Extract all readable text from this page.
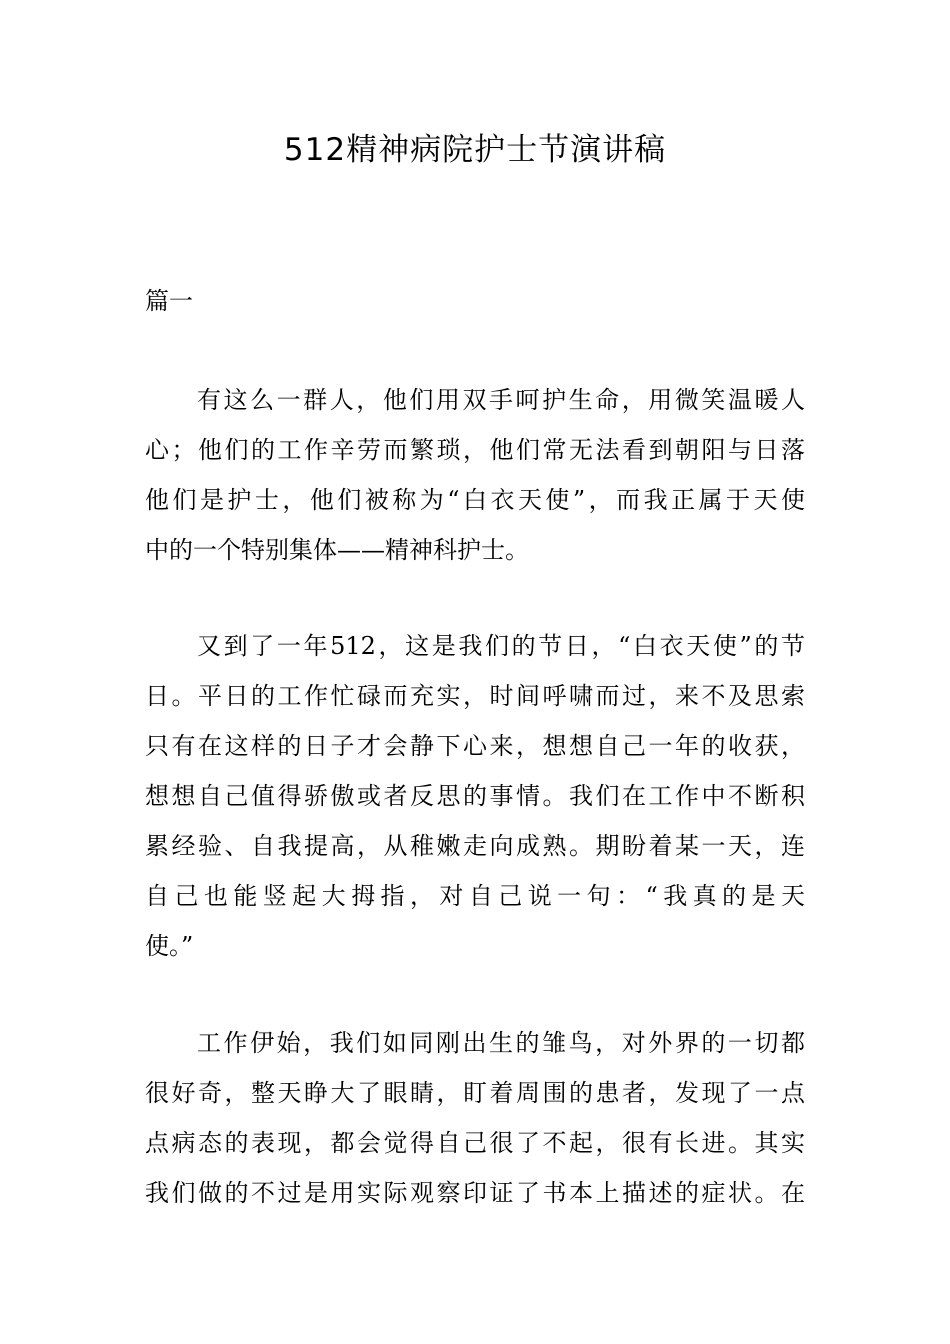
512精神病院护士节演讲稿

篇一

有这么一群人，他们用双手呵护生命，用微笑温暖人
心；他们的工作辛劳而繁琐，他们常无法看到朝阳与日落
他们是护士，他们被称为“白衣天使”，而我正属于天使
中的一个特别集体——精神科护士。
又到了一年512，这是我们的节日，“白衣天使”的节
日。平日的工作忙碌而充实，时间呼啸而过，来不及思索
只有在这样的日子才会静下心来，想想自己一年的收获，
想想自己值得骄傲或者反思的事情。我们在工作中不断积
累经验、自我提高，从稚嫩走向成熟。期盼着某一天，连
自己也能竖起大拇指，对自己说一句：“我真的是天
使。”
工作伊始，我们如同刚出生的雏鸟，对外界的一切都
很好奇，整天睁大了眼睛，盯着周围的患者，发现了一点
点病态的表现，都会觉得自己很了不起，很有长进。其实
我们做的不过是用实际观察印证了书本上描述的症状。在
